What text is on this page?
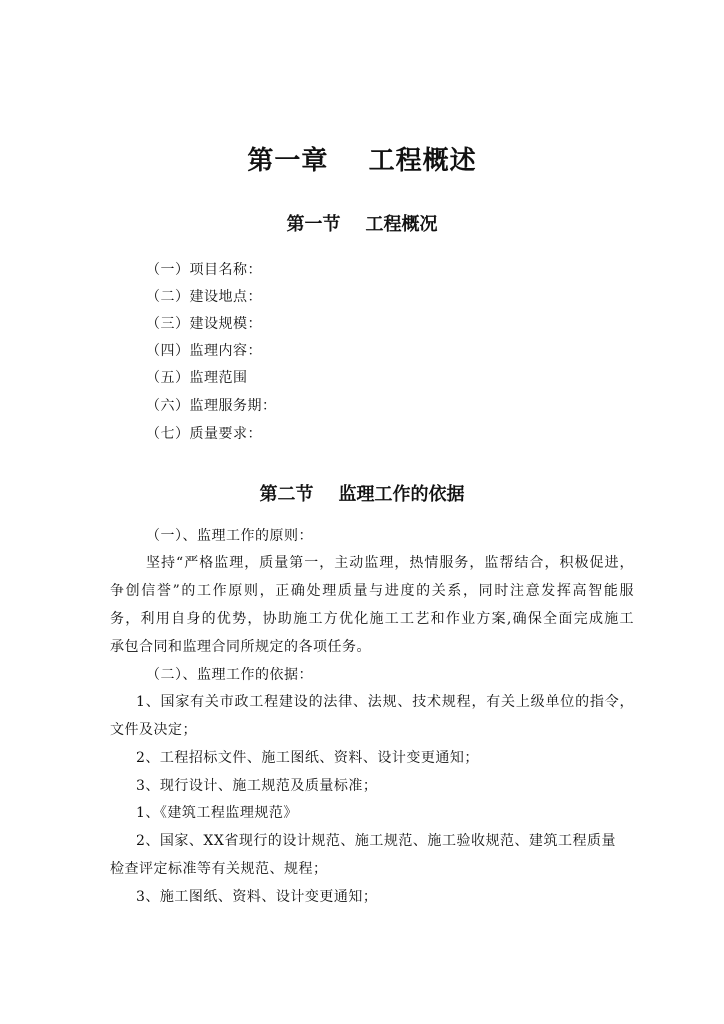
第一章    工程概述
第一节    工程概况
（一）项目名称：
（二）建设地点：
（三）建设规模：
（四）监理内容：
（五）监理范围
（六）监理服务期：
（七）质量要求：
第二节    监理工作的依据
（一）、监理工作的原则：
坚持“严格监理，质量第一，主动监理，热情服务，监帮结合，积极促进，
争创信誉”的工作原则，正确处理质量与进度的关系，同时注意发挥高智能服
务，利用自身的优势，协助施工方优化施工工艺和作业方案,确保全面完成施工
承包合同和监理合同所规定的各项任务。
（二）、监理工作的依据：
1、国家有关市政工程建设的法律、法规、技术规程，有关上级单位的指令，
文件及决定；
2、工程招标文件、施工图纸、资料、设计变更通知；
3、现行设计、施工规范及质量标准；
1、《建筑工程监理规范》
2、国家、XX省现行的设计规范、施工规范、施工验收规范、建筑工程质量
检查评定标准等有关规范、规程；
3、施工图纸、资料、设计变更通知；
